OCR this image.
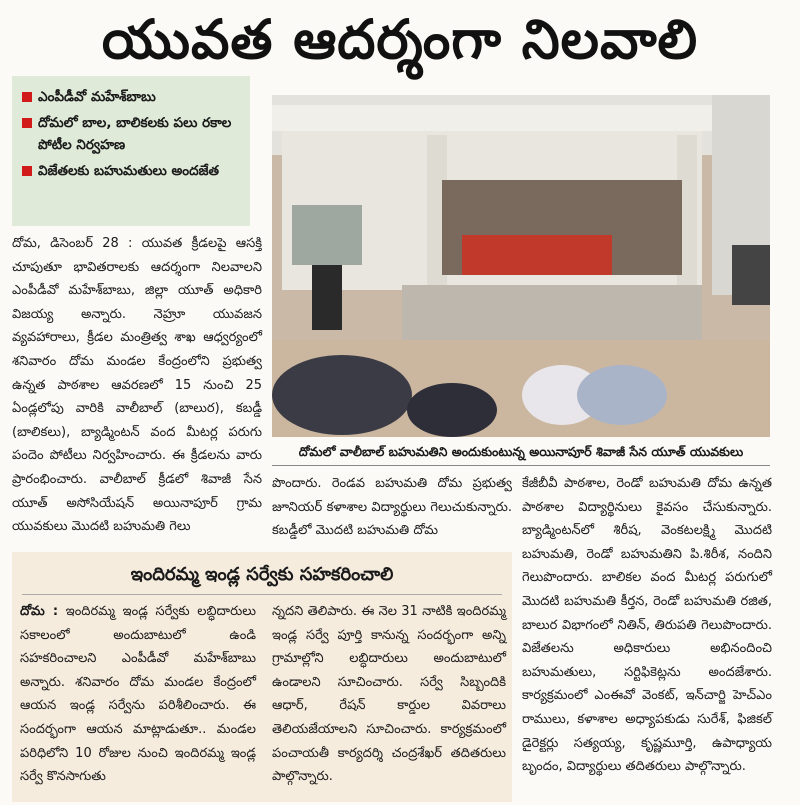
యువత ఆదర్శంగా నిలవాలి
ఎంపీడీవో మహేశ్‌బాబు
దోమలో బాల, బాలికలకు పలు రకాల పోటీల నిర్వహణ
విజేతలకు బహుమతులు అందజేత
దోమలో వాలీబాల్ బహుమతిని అందుకుంటున్న అయినాపూర్ శివాజీ సేన యూత్ యువకులు

దోమ, డిసెంబర్ 28 : యువత క్రీడలపై ఆసక్తి చూపుతూ భావితరాలకు ఆదర్శంగా నిలవాలని ఎంపీడీవో మహేశ్‌బాబు, జిల్లా యూత్ అధికారి విజయ్య అన్నారు. నెహ్రూ యువజన వ్యవహారాలు, క్రీడల మంత్రిత్వ శాఖ ఆధ్వర్యంలో శనివారం దోమ మండల కేంద్రంలోని ప్రభుత్వ ఉన్నత పాఠశాల ఆవరణలో 15 నుంచి 25 ఏండ్లలోపు వారికి వాలీబాల్ (బాలుర), కబడ్డీ (బాలికలు), బ్యాడ్మింటన్ వంద మీటర్ల పరుగు పందెం పోటీలు నిర్వహించారు. ఈ క్రీడలను వారు ప్రారంభించారు. వాలీబాల్ క్రీడలో శివాజీ సేన యూత్ అసోసియేషన్ అయినాపూర్ గ్రామ యువకులు మొదటి బహుమతి గెలు

పొందారు. రెండవ బహుమతి దోమ ప్రభుత్వ జూనియర్ కళాశాల విద్యార్థులు గెలుచుకున్నారు. కబడ్డీలో మొదటి బహుమతి దోమ

కేజీబీవీ పాఠశాల, రెండో బహుమతి దోమ ఉన్నత పాఠశాల విద్యార్థినులు కైవసం చేసుకున్నారు. బ్యాడ్మింటన్‌లో శిరీష, వెంకటలక్ష్మి మొదటి బహుమతి, రెండో బహుమతిని పి.శిరీశ, నందిని గెలుపొందారు. బాలికల వంద మీటర్ల పరుగులో మొదటి బహుమతి కీర్తన, రెండో బహుమతి రజిత, బాలుర విభాగంలో నితిన్, తిరుపతి గెలుపొందారు. విజేతలను అధికారులు అభినందించి బహుమతులు, సర్టిఫికెట్లను అందజేశారు. కార్యక్రమంలో ఎంఈవో వెంకట్, ఇన్‌చార్జి హెచ్‌ఎం రాములు, కళాశాల అధ్యాపకుడు సురేశ్, ఫిజికల్ డైరెక్టర్లు సత్యయ్య, కృష్ణమూర్తి, ఉపాధ్యాయ బృందం, విద్యార్థులు తదితరులు పాల్గొన్నారు.

ఇందిరమ్మ ఇండ్ల సర్వేకు సహకరించాలి

దోమ : ఇందిరమ్మ ఇండ్ల సర్వేకు లబ్ధిదారులు సకాలంలో అందుబాటులో ఉండి సహకరించాలని ఎంపీడీవో మహేశ్‌బాబు అన్నారు. శనివారం దోమ మండల కేంద్రంలో ఆయన ఇండ్ల సర్వేను పరిశీలించారు. ఈ సందర్భంగా ఆయన మాట్లాడుతూ.. మండల పరిధిలోని 10 రోజుల నుంచి ఇందిరమ్మ ఇండ్ల సర్వే కొనసాగుతు

న్నదని తెలిపారు. ఈ నెల 31 నాటికి ఇందిరమ్మ ఇండ్ల సర్వే పూర్తి కానున్న సందర్భంగా అన్ని గ్రామాల్లోని లబ్ధిదారులు అందుబాటులో ఉండాలని సూచించారు. సర్వే సిబ్బందికి ఆధార్, రేషన్ కార్డుల వివరాలు తెలియజేయాలని సూచించారు. కార్యక్రమంలో పంచాయతీ కార్యదర్శి చంద్రశేఖర్ తదితరులు పాల్గొన్నారు.
